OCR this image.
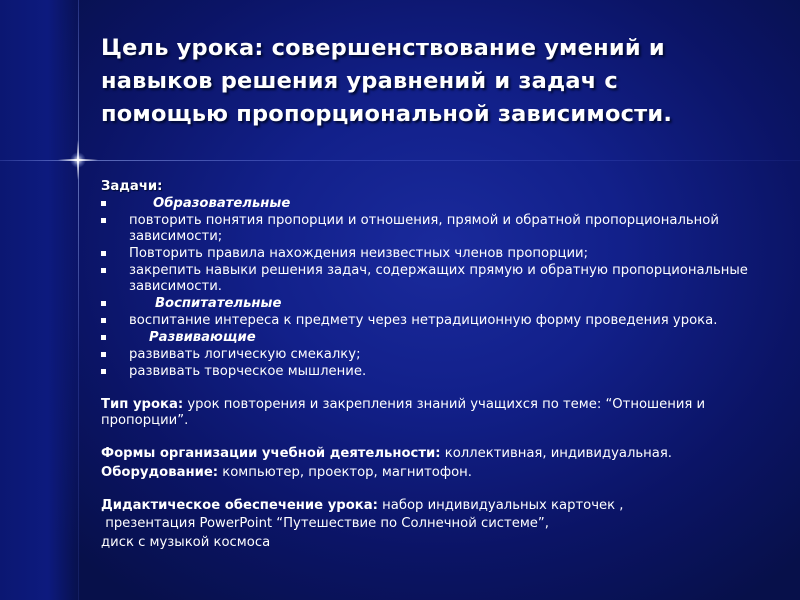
Цель урока: совершенствование умений и навыков решения уравнений и задач с помощью пропорциональной зависимости.
Задачи:
Образовательные
повторить понятия пропорции и отношения, прямой и обратной пропорциональной зависимости;
Повторить правила нахождения неизвестных членов пропорции;
закрепить навыки решения задач, содержащих прямую и обратную пропорциональные зависимости.
Воспитательные
воспитание интереса к предмету через нетрадиционную форму проведения урока.
Развивающие
развивать логическую смекалку;
развивать творческое мышление.
Тип урока: урок повторения и закрепления знаний учащихся по теме: “Отношения и пропорции”.
Формы организации учебной деятельности: коллективная, индивидуальная.
Оборудование: компьютер, проектор, магнитофон.
Дидактическое обеспечение урока: набор индивидуальных карточек ,
презентация PowerPoint “Путешествие по Солнечной системе”,
диск с музыкой космоса
